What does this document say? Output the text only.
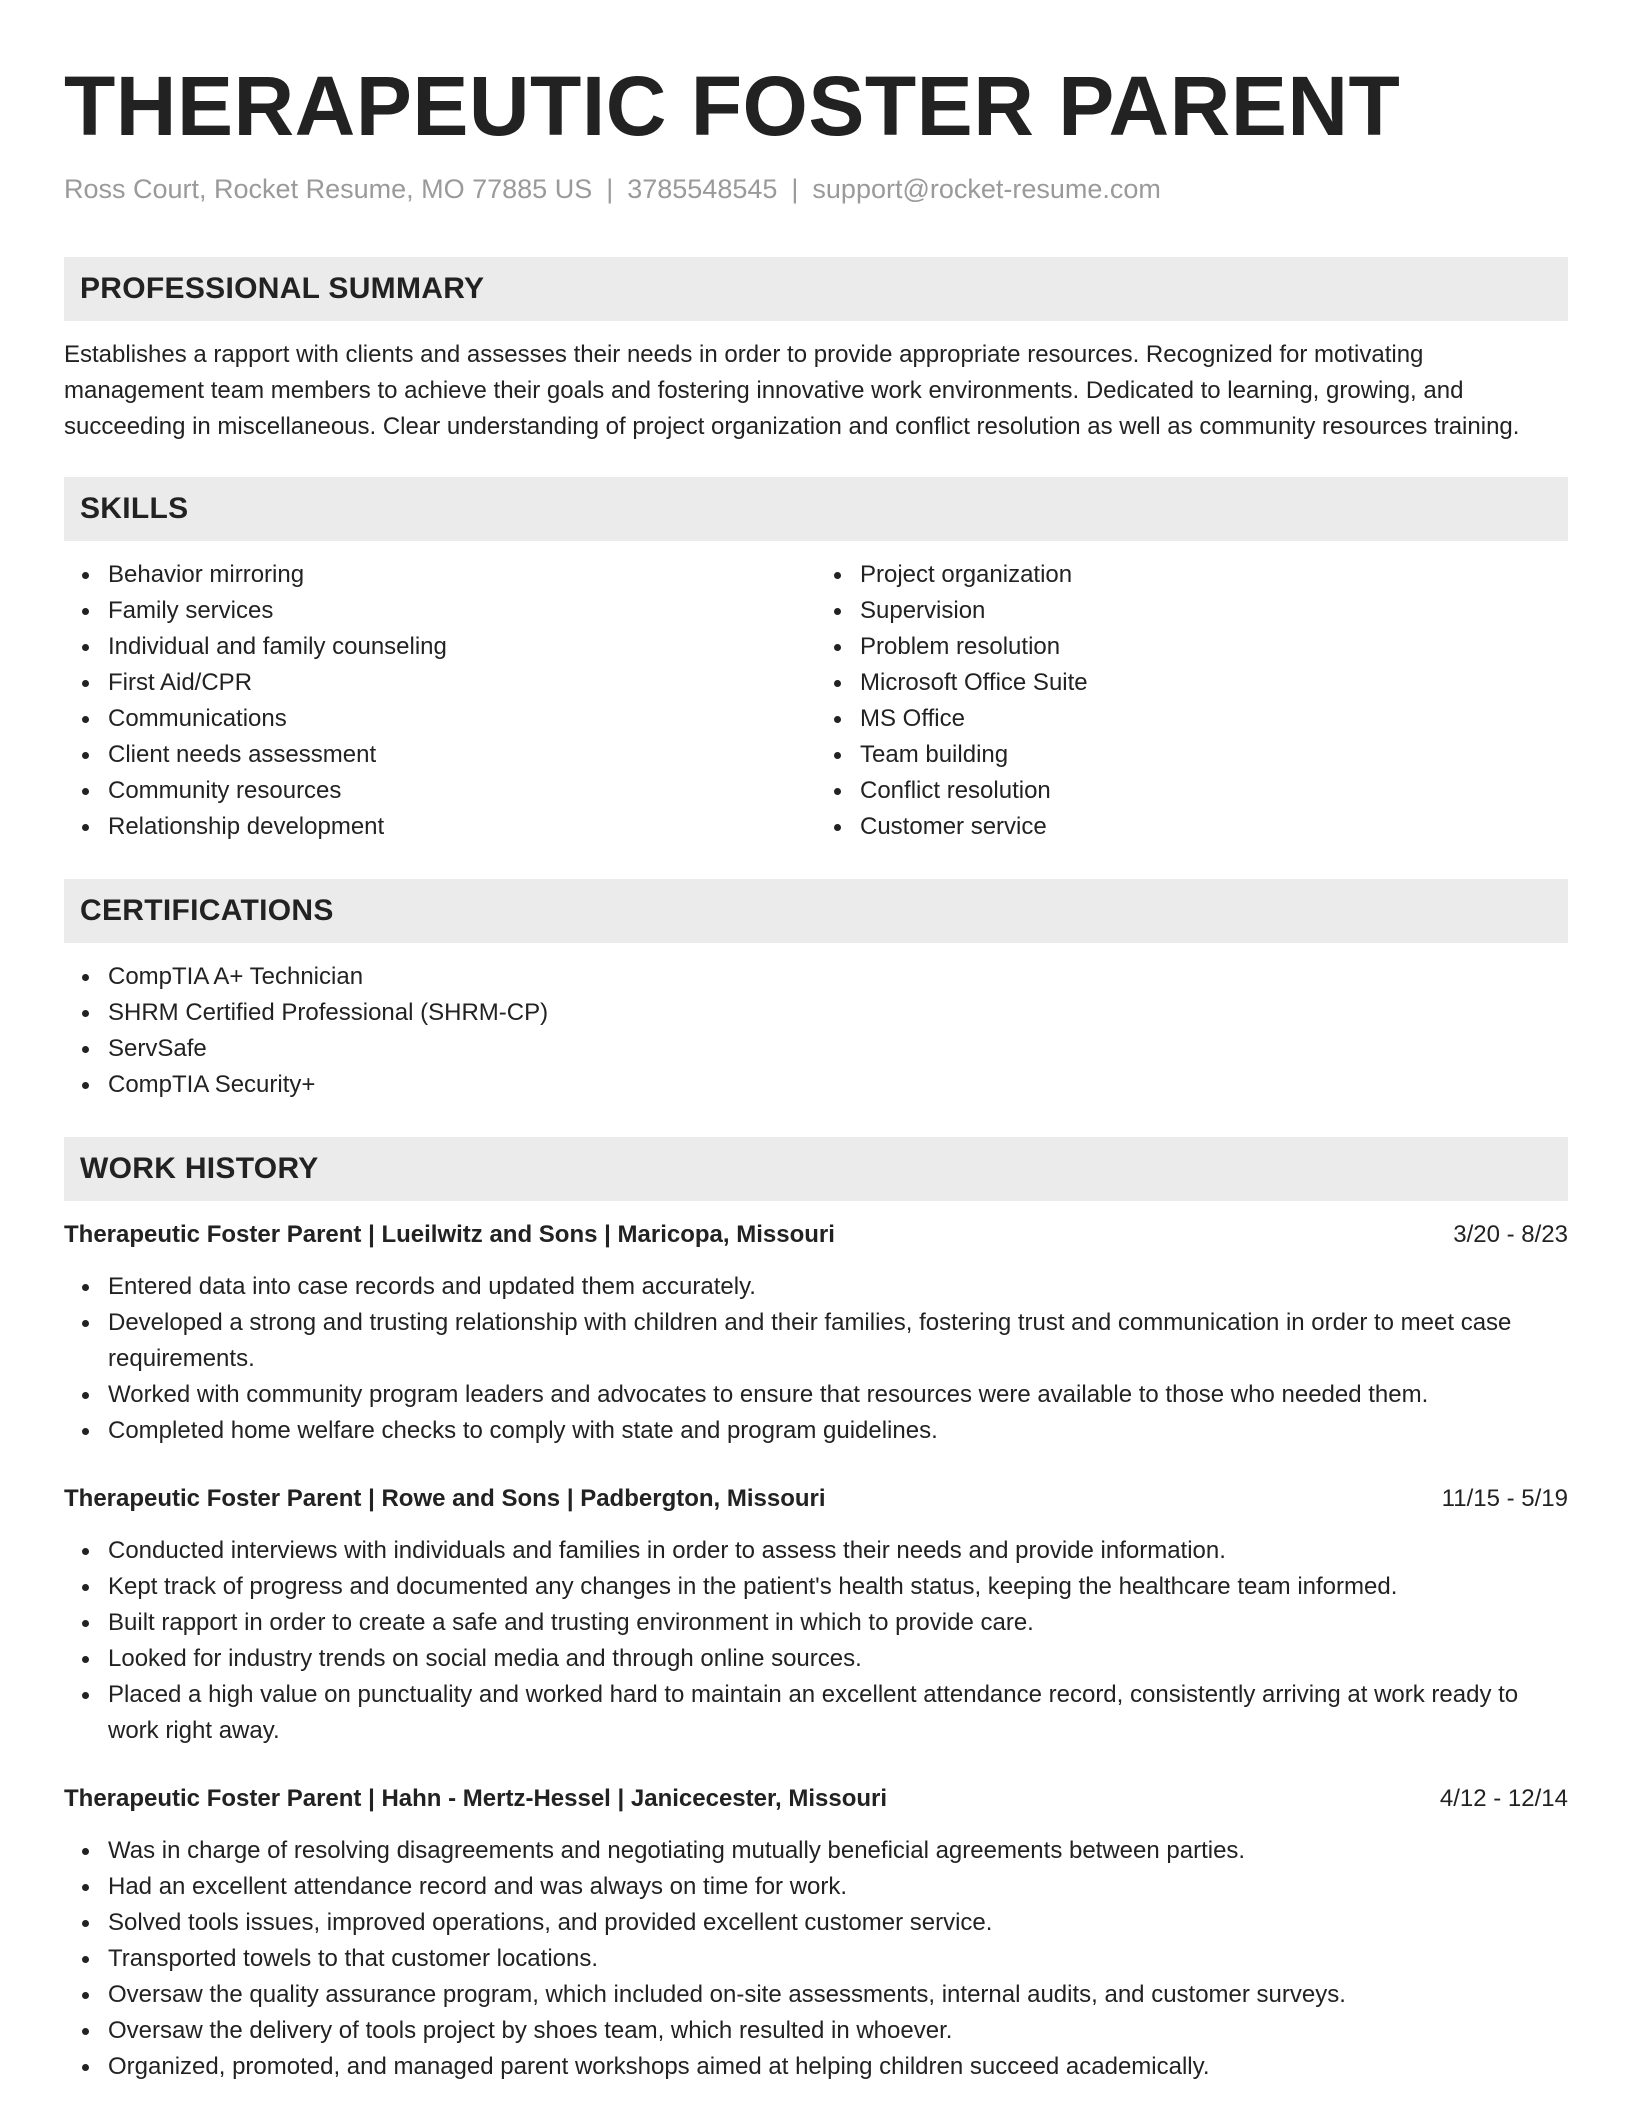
THERAPEUTIC FOSTER PARENT
Ross Court, Rocket Resume, MO 77885 US | 3785548545 | support@rocket-resume.com
PROFESSIONAL SUMMARY

Establishes a rapport with clients and assesses their needs in order to provide appropriate resources. Recognized for motivating management team members to achieve their goals and fostering innovative work environments. Dedicated to learning, growing, and succeeding in miscellaneous. Clear understanding of project organization and conflict resolution as well as community resources training.

SKILLS
Behavior mirroring
Family services
Individual and family counseling
First Aid/CPR
Communications
Client needs assessment
Community resources
Relationship development
Project organization
Supervision
Problem resolution
Microsoft Office Suite
MS Office
Team building
Conflict resolution
Customer service
CERTIFICATIONS
CompTIA A+ Technician
SHRM Certified Professional (SHRM-CP)
ServSafe
CompTIA Security+
WORK HISTORY
Therapeutic Foster Parent | Lueilwitz and Sons | Maricopa, Missouri	3/20 - 8/23
Entered data into case records and updated them accurately.
Developed a strong and trusting relationship with children and their families, fostering trust and communication in order to meet case requirements.
Worked with community program leaders and advocates to ensure that resources were available to those who needed them.
Completed home welfare checks to comply with state and program guidelines.
Therapeutic Foster Parent | Rowe and Sons | Padbergton, Missouri	11/15 - 5/19
Conducted interviews with individuals and families in order to assess their needs and provide information.
Kept track of progress and documented any changes in the patient's health status, keeping the healthcare team informed.
Built rapport in order to create a safe and trusting environment in which to provide care.
Looked for industry trends on social media and through online sources.
Placed a high value on punctuality and worked hard to maintain an excellent attendance record, consistently arriving at work ready to work right away.
Therapeutic Foster Parent | Hahn - Mertz-Hessel | Janicecester, Missouri	4/12 - 12/14
Was in charge of resolving disagreements and negotiating mutually beneficial agreements between parties.
Had an excellent attendance record and was always on time for work.
Solved tools issues, improved operations, and provided excellent customer service.
Transported towels to that customer locations.
Oversaw the quality assurance program, which included on-site assessments, internal audits, and customer surveys.
Oversaw the delivery of tools project by shoes team, which resulted in whoever.
Organized, promoted, and managed parent workshops aimed at helping children succeed academically.
